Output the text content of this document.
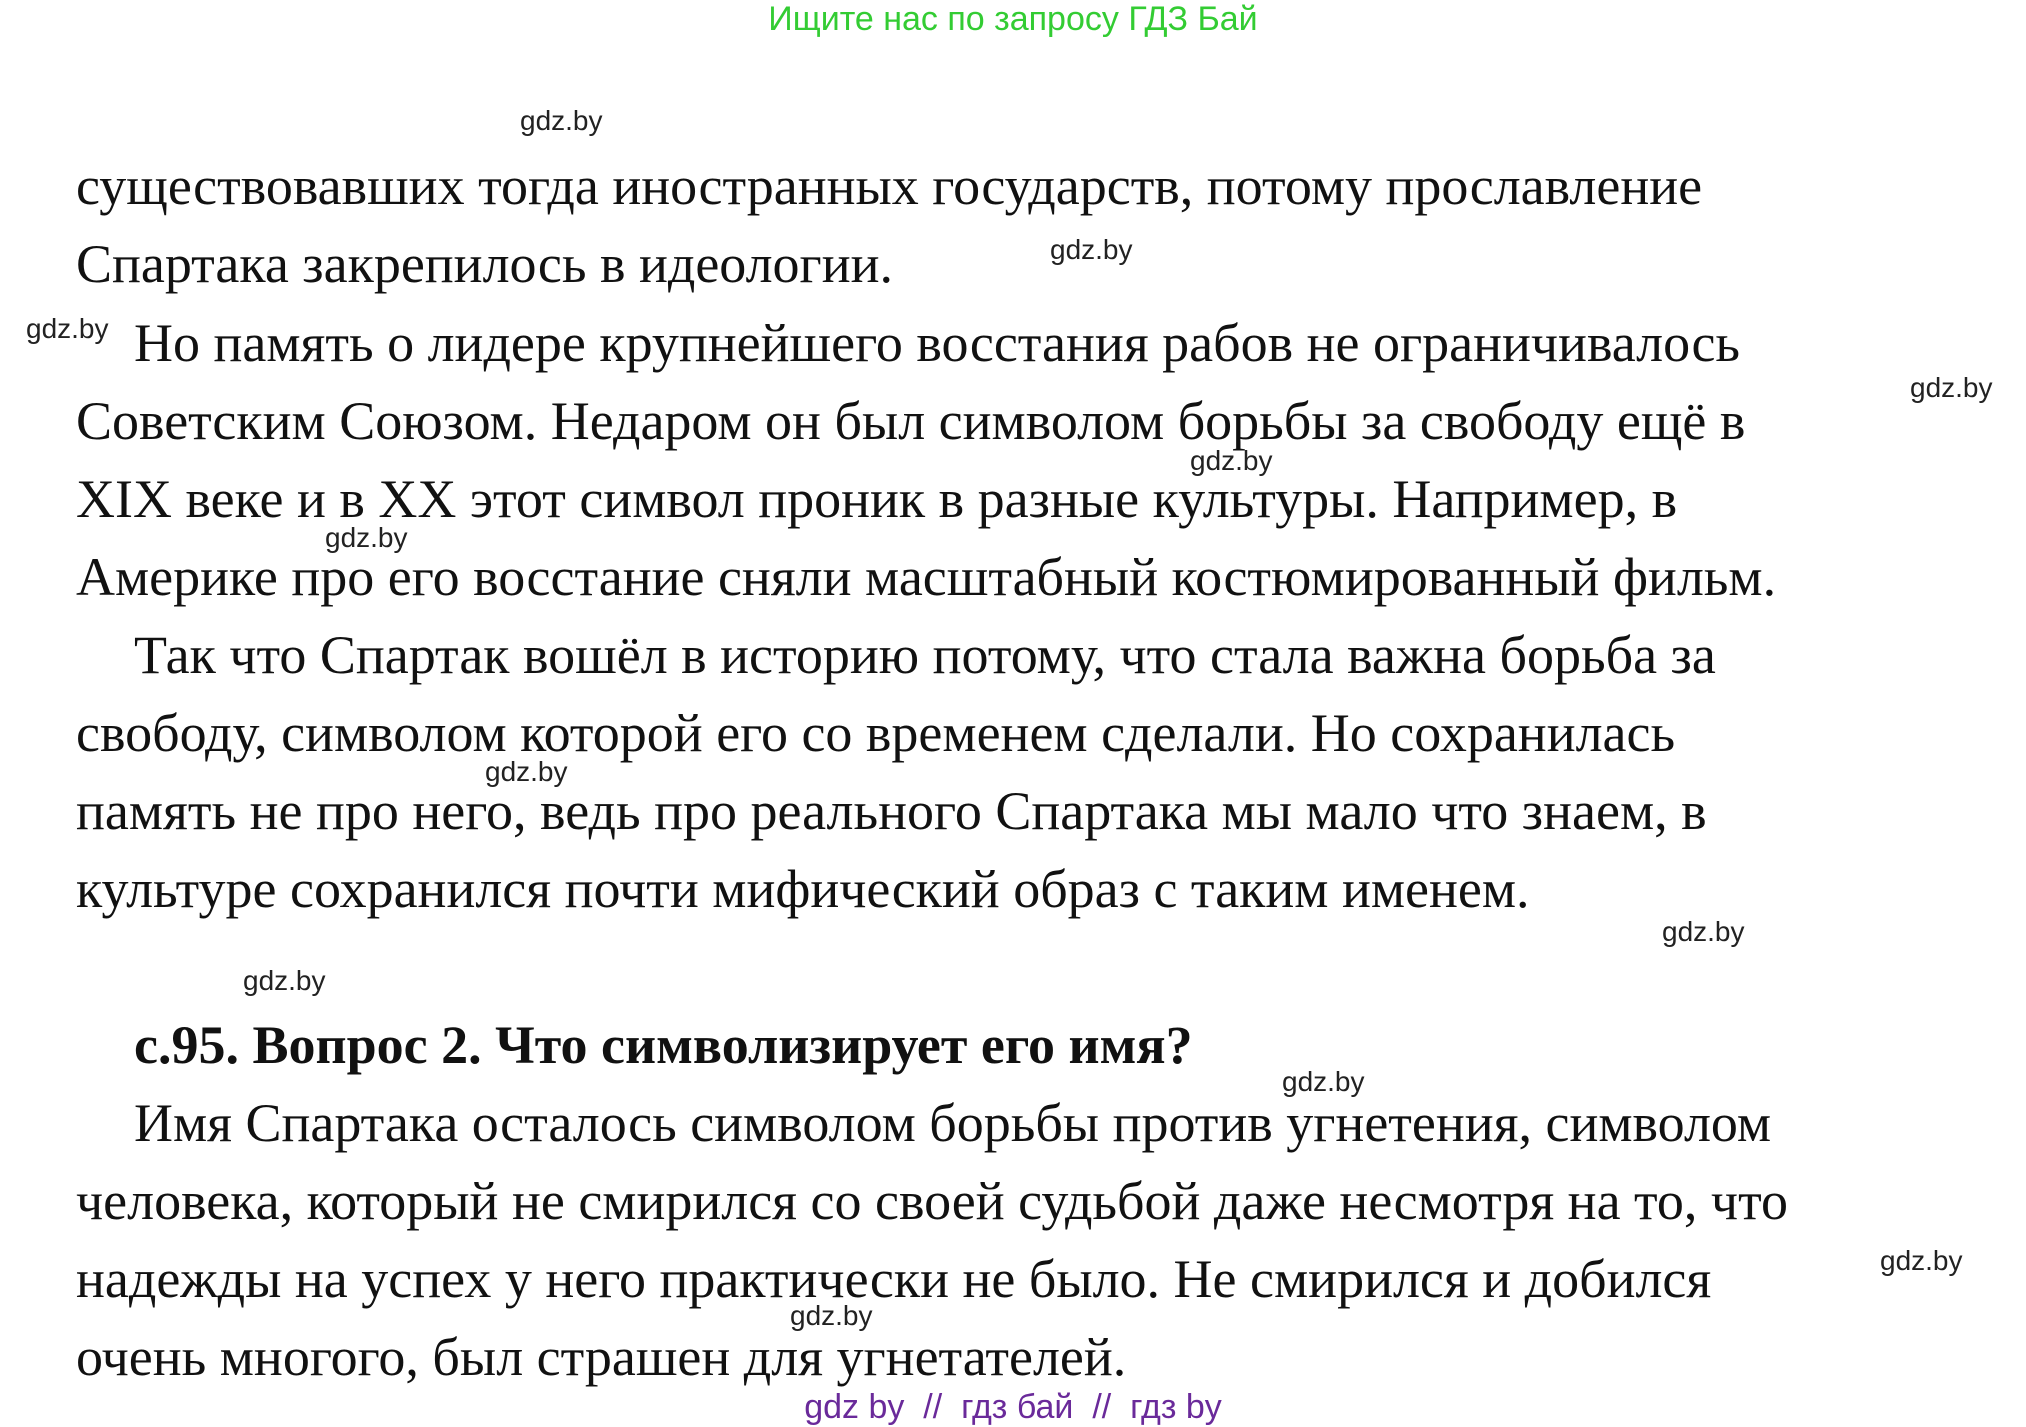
Ищите нас по запросу ГДЗ Бай
gdz.by
gdz.by
gdz.by
gdz.by
gdz.by
gdz.by
gdz.by
gdz.by
gdz.by
gdz.by
gdz.by
gdz.by
существовавших тогда иностранных государств, потому прославление
Спартака закрепилось в идеологии.
Но память о лидере крупнейшего восстания рабов не ограничивалось
Советским Союзом. Недаром он был символом борьбы за свободу ещё в
XIX веке и в XX этот символ проник в разные культуры. Например, в
Америке про его восстание сняли масштабный костюмированный фильм.
Так что Спартак вошёл в историю потому, что стала важна борьба за
свободу, символом которой его со временем сделали. Но сохранилась
память не про него, ведь про реального Спартака мы мало что знаем, в
культуре сохранился почти мифический образ с таким именем.
с.95. Вопрос 2. Что символизирует его имя?
Имя Спартака осталось символом борьбы против угнетения, символом
человека, который не смирился со своей судьбой даже несмотря на то, что
надежды на успех у него практически не было. Не смирился и добился
очень многого, был страшен для угнетателей.
gdz by  //  гдз бай  //  гдз by
